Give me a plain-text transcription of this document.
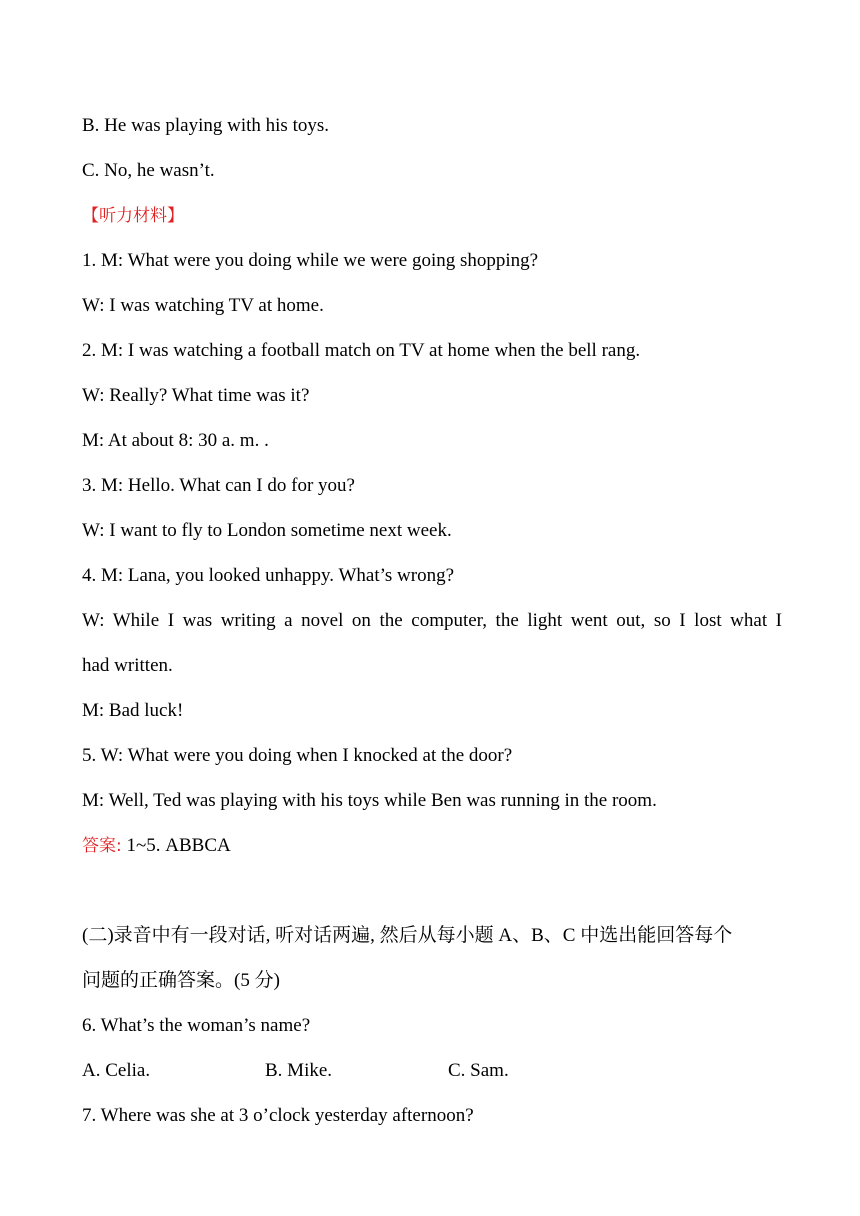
B. He was playing with his toys.
C. No, he wasn’t.
【听力材料】
1. M: What were you doing while we were going shopping?
W: I was watching TV at home.
2. M: I was watching a football match on TV at home when the bell rang.
W: Really? What time was it?
M: At about 8: 30 a. m. .
3. M: Hello. What can I do for you?
W: I want to fly to London sometime next week.
4. M: Lana, you looked unhappy. What’s wrong?
W: While I was writing a novel on the computer, the light went out, so I lost what I
had written.
M: Bad luck!
5. W: What were you doing when I knocked at the door?
M: Well, Ted was playing with his toys while Ben was running in the room.
答案: 1~5. ABBCA
(二)录音中有一段对话, 听对话两遍, 然后从每小题 A、B、C 中选出能回答每个
问题的正确答案。(5 分)
6. What’s the woman’s name?
A. Celia.	B. Mike.	C. Sam.
7. Where was she at 3 o’clock yesterday afternoon?
